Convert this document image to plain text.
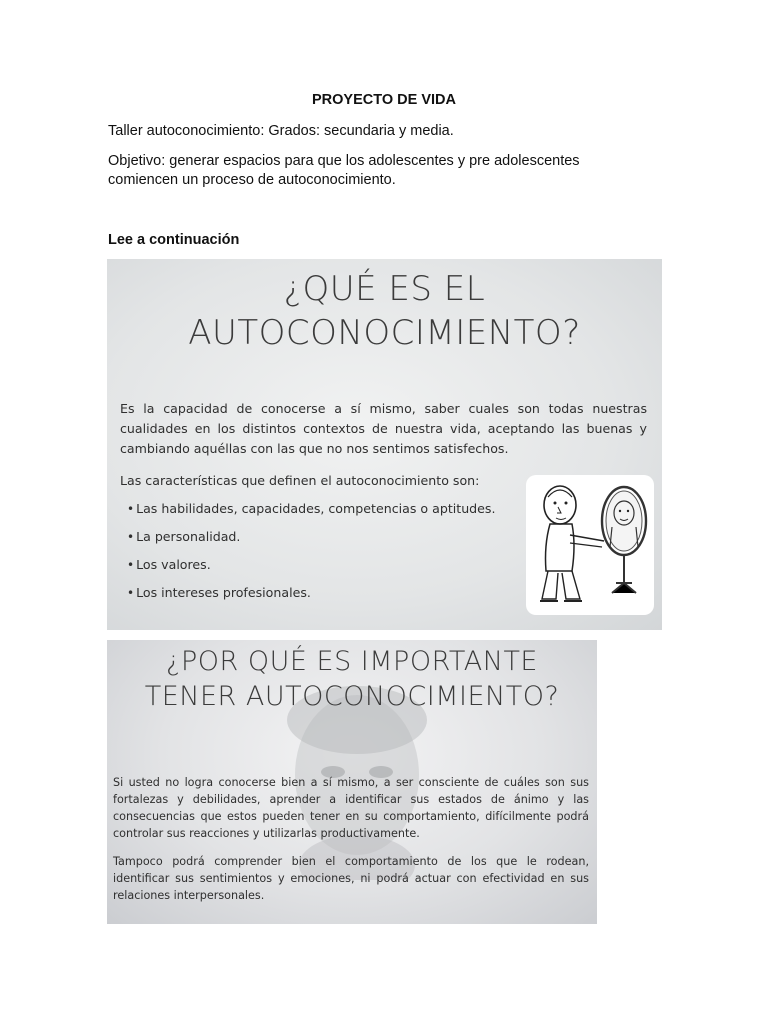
PROYECTO DE VIDA
Taller autoconocimiento: Grados: secundaria y media.
Objetivo: generar espacios para que los adolescentes y pre adolescentes comiencen un proceso de autoconocimiento.
Lee a continuación
¿QUÉ ES EL
AUTOCONOCIMIENTO?
Es la capacidad de conocerse a sí mismo, saber cuales son todas nuestras cualidades en los distintos contextos de nuestra vida, aceptando las buenas y cambiando aquéllas con las que no nos sentimos satisfechos.
Las características que definen el autoconocimiento son:
• Las habilidades, capacidades, competencias o aptitudes.
• La personalidad.
• Los valores.
• Los intereses profesionales.
¿POR QUÉ ES IMPORTANTE
TENER AUTOCONOCIMIENTO?
Si usted no logra conocerse bien a sí mismo, a ser consciente de cuáles son sus fortalezas y debilidades, aprender a identificar sus estados de ánimo y las consecuencias que estos pueden tener en su comportamiento, difícilmente podrá controlar sus reacciones y utilizarlas productivamente.
Tampoco podrá comprender bien el comportamiento de los que le rodean, identificar sus sentimientos y emociones, ni podrá actuar con efectividad en sus relaciones interpersonales.
